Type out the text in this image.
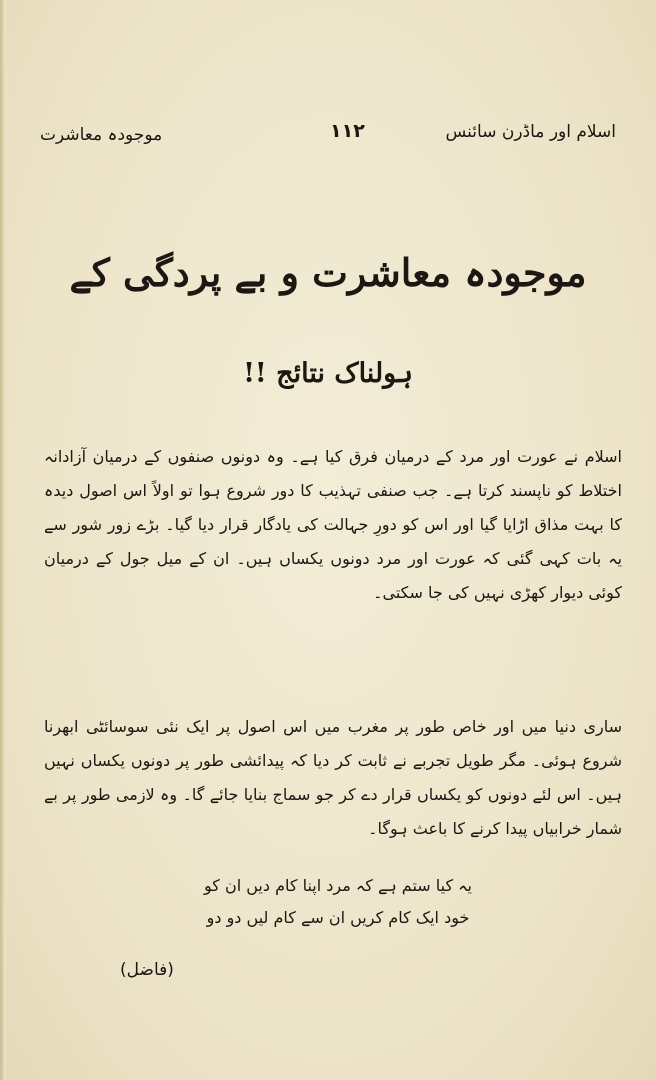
موجودہ معاشرت	۱۱۲	اسلام اور ماڈرن سائنس
موجودہ معاشرت و بے پردگی کے
ہولناک نتائج !!
اسلام نے عورت اور مرد کے درمیان فرق کیا ہے۔ وہ دونوں صنفوں کے درمیان آزادانہ اختلاط کو ناپسند کرتا ہے۔ جب صنفی تہذیب کا دور شروع ہوا تو اولاً اس اصول دیدہ کا بہت مذاق اڑایا گیا اور اس کو دورِ جہالت کی یادگار قرار دیا گیا۔ بڑے زور شور سے یہ بات کہی گئی کہ عورت اور مرد دونوں یکساں ہیں۔ ان کے میل جول کے درمیان کوئی دیوار کھڑی نہیں کی جا سکتی۔
ساری دنیا میں اور خاص طور پر مغرب میں اس اصول پر ایک نئی سوسائٹی ابھرنا شروع ہوئی۔ مگر طویل تجربے نے ثابت کر دیا کہ پیدائشی طور پر دونوں یکساں نہیں ہیں۔ اس لئے دونوں کو یکساں قرار دے کر جو سماج بنایا جائے گا۔ وہ لازمی طور پر بے شمار خرابیاں پیدا کرنے کا باعث ہوگا۔
یہ کیا ستم ہے کہ مرد اپنا کام دیں ان کو
خود ایک کام کریں ان سے کام لیں دو دو
(فاضل)
